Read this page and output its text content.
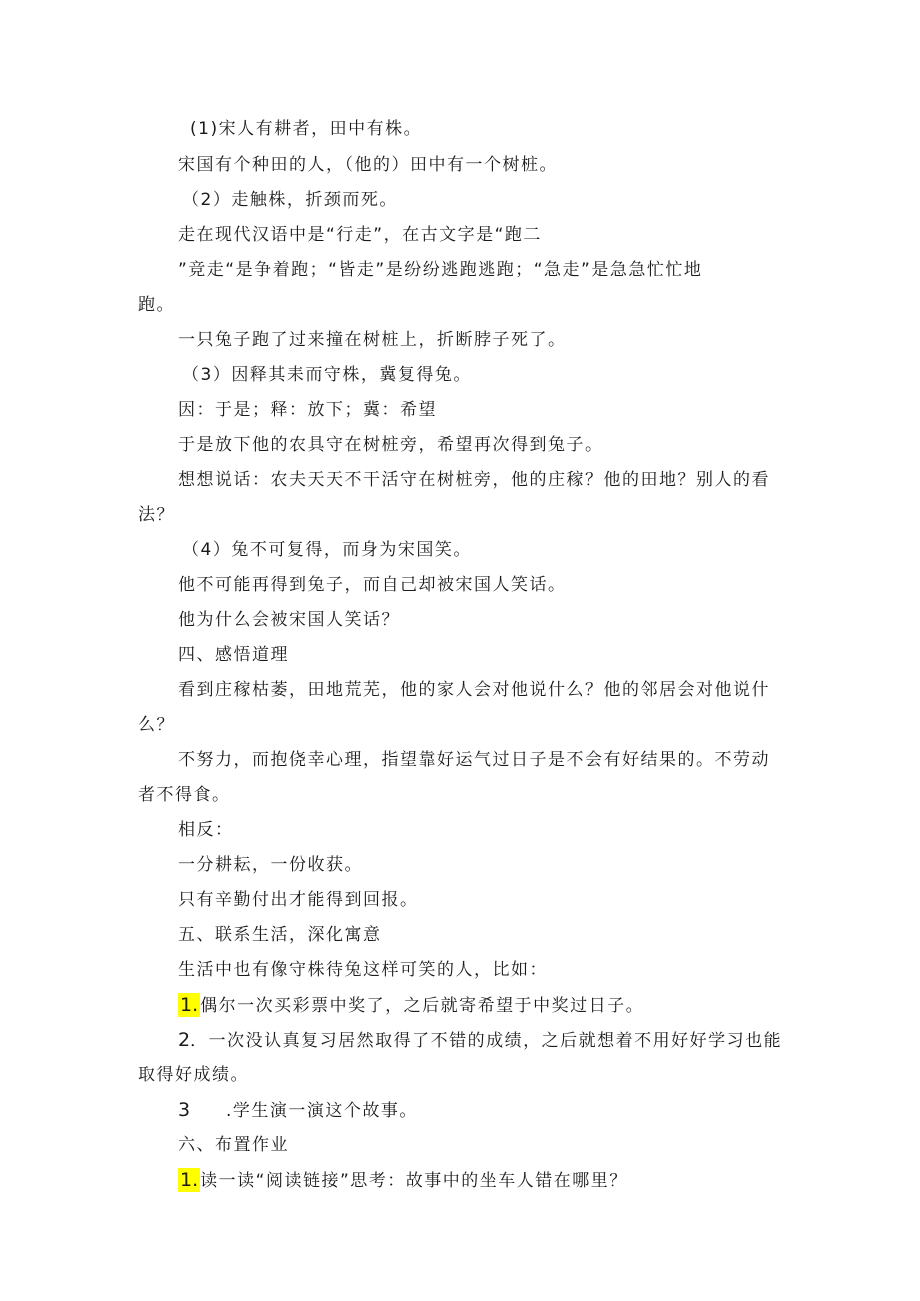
(1)宋人有耕者，田中有株。
宋国有个种田的人，（他的）田中有一个树桩。
（2）走触株，折颈而死。
走在现代汉语中是“行走”，在古文字是“跑二
”竞走“是争着跑；“皆走”是纷纷逃跑逃跑；“急走”是急急忙忙地
跑。
一只兔子跑了过来撞在树桩上，折断脖子死了。
（3）因释其耒而守株，冀复得兔。
因：于是；释：放下；冀：希望
于是放下他的农具守在树桩旁，希望再次得到兔子。
想想说话：农夫天天不干活守在树桩旁，他的庄稼？他的田地？别人的看
法？
（4）兔不可复得，而身为宋国笑。
他不可能再得到兔子，而自己却被宋国人笑话。
他为什么会被宋国人笑话？
四、感悟道理
看到庄稼枯萎，田地荒芜，他的家人会对他说什么？他的邻居会对他说什
么？
不努力，而抱侥幸心理，指望靠好运气过日子是不会有好结果的。不劳动
者不得食。
相反：
一分耕耘，一份收获。
只有辛勤付出才能得到回报。
五、联系生活，深化寓意
生活中也有像守株待兔这样可笑的人，比如：
1. 偶尔一次买彩票中奖了，之后就寄希望于中奖过日子。
2．一次没认真复习居然取得了不错的成绩，之后就想着不用好好学习也能
取得好成绩。
3 .学生演一演这个故事。
六、布置作业
1. 读一读“阅读链接”思考：故事中的坐车人错在哪里？
